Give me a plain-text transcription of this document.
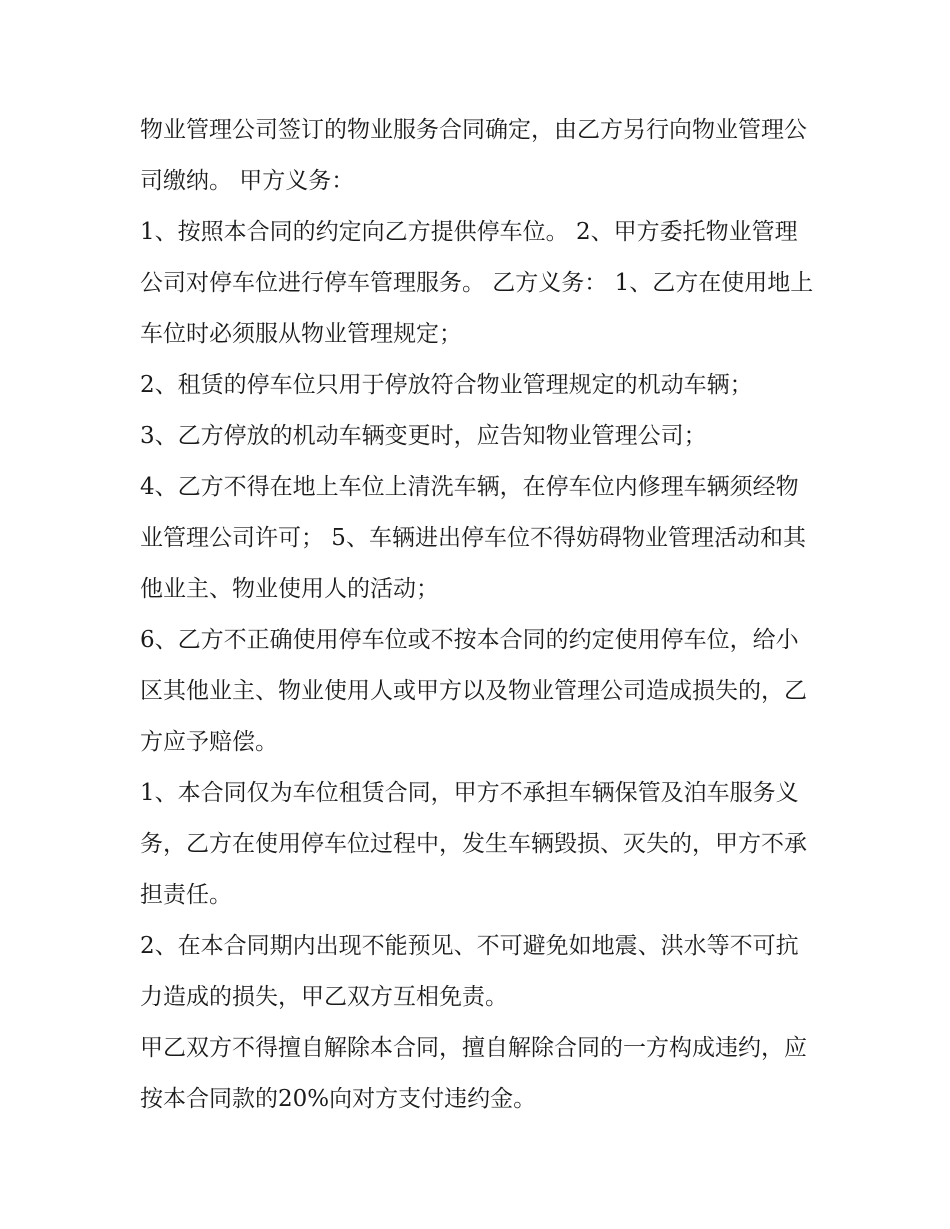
物业管理公司签订的物业服务合同确定，由乙方另行向物业管理公司缴纳。 甲方义务：

1、按照本合同的约定向乙方提供停车位。 2、甲方委托物业管理公司对停车位进行停车管理服务。 乙方义务： 1、乙方在使用地上车位时必须服从物业管理规定；

2、租赁的停车位只用于停放符合物业管理规定的机动车辆；

3、乙方停放的机动车辆变更时，应告知物业管理公司；

4、乙方不得在地上车位上清洗车辆，在停车位内修理车辆须经物业管理公司许可； 5、车辆进出停车位不得妨碍物业管理活动和其他业主、物业使用人的活动；

6、乙方不正确使用停车位或不按本合同的约定使用停车位，给小区其他业主、物业使用人或甲方以及物业管理公司造成损失的，乙方应予赔偿。

1、本合同仅为车位租赁合同，甲方不承担车辆保管及泊车服务义务，乙方在使用停车位过程中，发生车辆毁损、灭失的，甲方不承担责任。

2、在本合同期内出现不能预见、不可避免如地震、洪水等不可抗力造成的损失，甲乙双方互相免责。

甲乙双方不得擅自解除本合同，擅自解除合同的一方构成违约，应按本合同款的20%向对方支付违约金。
